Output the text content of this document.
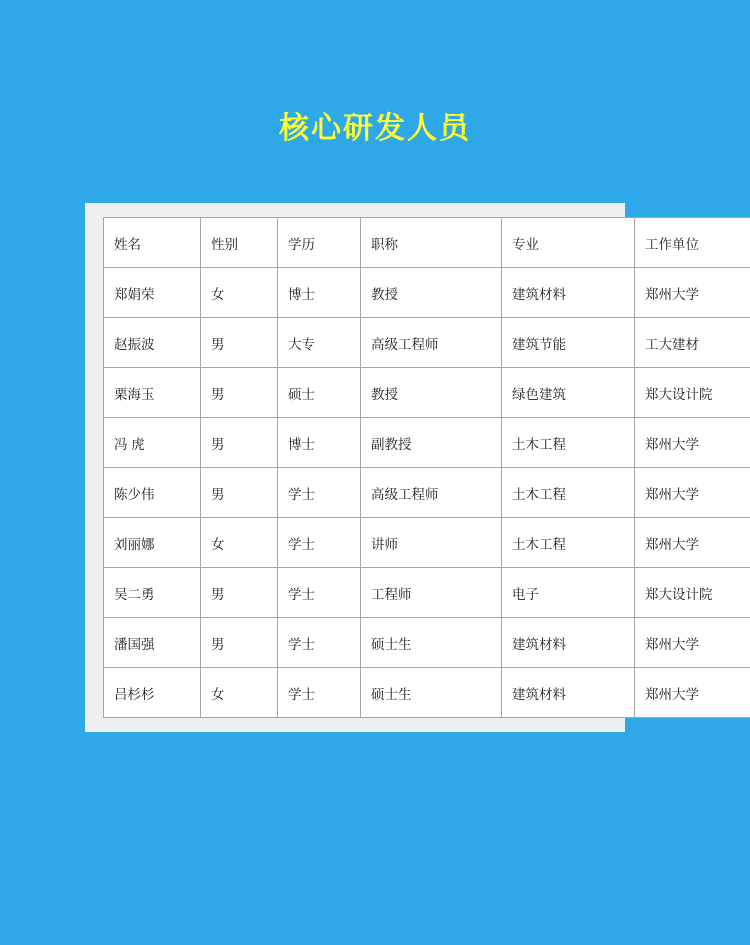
核心研发人员
姓名	性别	学历	职称	专业	工作单位
郑娟荣	女	博士	教授	建筑材料	郑州大学
赵振波	男	大专	高级工程师	建筑节能	工大建材
栗海玉	男	硕士	教授	绿色建筑	郑大设计院
冯 虎	男	博士	副教授	土木工程	郑州大学
陈少伟	男	学士	高级工程师	土木工程	郑州大学
刘丽娜	女	学士	讲师	土木工程	郑州大学
吴二勇	男	学士	工程师	电子	郑大设计院
潘国强	男	学士	硕士生	建筑材料	郑州大学
吕杉杉	女	学士	硕士生	建筑材料	郑州大学
